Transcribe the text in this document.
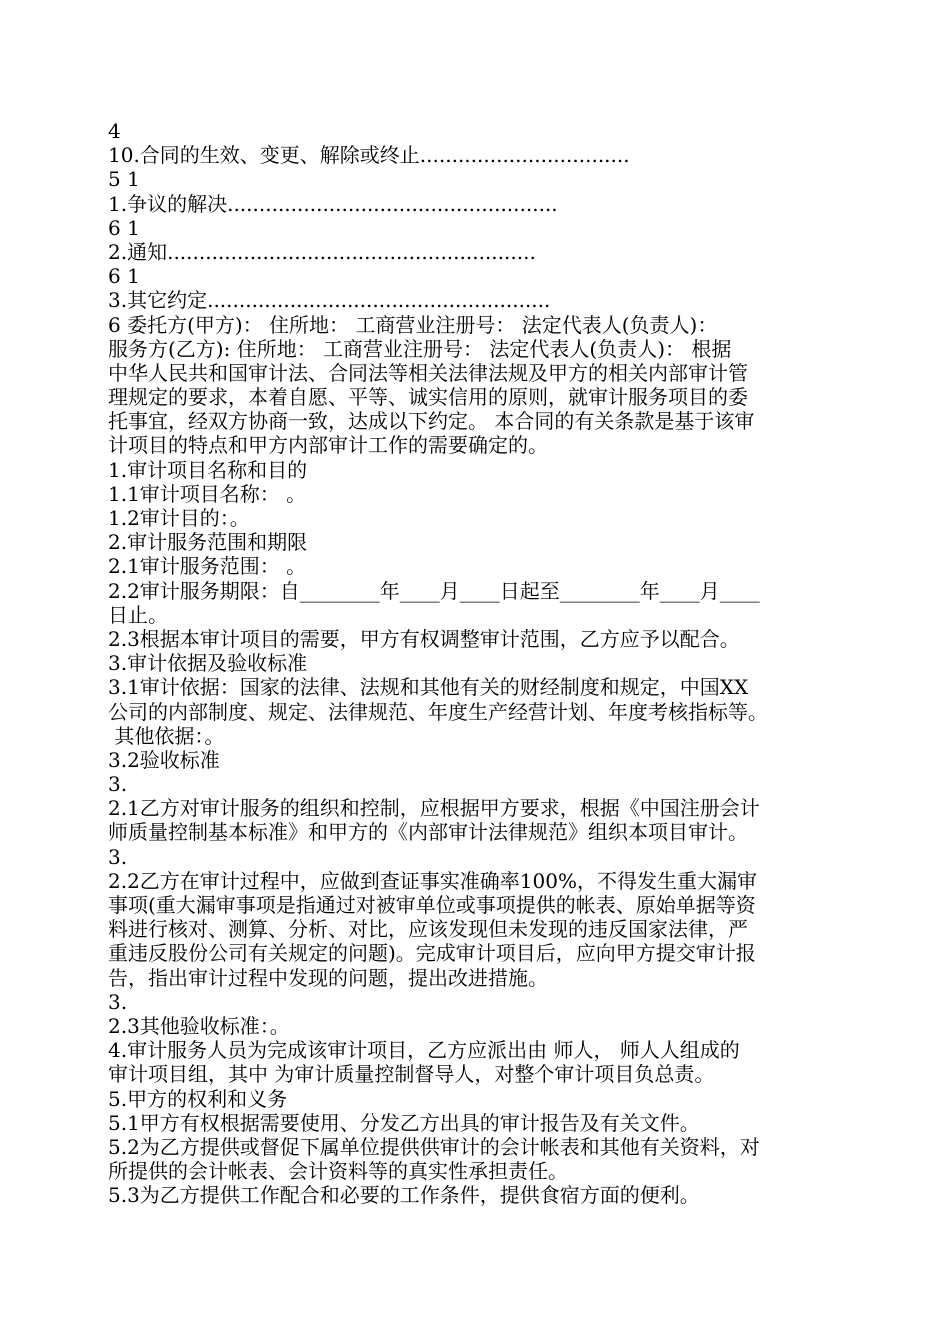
4
10.合同的生效、变更、解除或终止.................................
5 1
1.争议的解决....................................................
6 1
2.通知..........................................................
6 1
3.其它约定......................................................
6 委托方(甲方)： 住所地： 工商营业注册号： 法定代表人(负责人)：
服务方(乙方): 住所地： 工商营业注册号： 法定代表人(负责人)： 根据
中华人民共和国审计法、合同法等相关法律法规及甲方的相关内部审计管
理规定的要求，本着自愿、平等、诚实信用的原则，就审计服务项目的委
托事宜，经双方协商一致，达成以下约定。 本合同的有关条款是基于该审
计项目的特点和甲方内部审计工作的需要确定的。
1.审计项目名称和目的
1.1审计项目名称： 。
1.2审计目的：。
2.审计服务范围和期限
2.1审计服务范围： 。
2.2审计服务期限：自________年____月____日起至________年____月____
日止。
2.3根据本审计项目的需要，甲方有权调整审计范围，乙方应予以配合。
3.审计依据及验收标准
3.1审计依据：国家的法律、法规和其他有关的财经制度和规定，中国XX
公司的内部制度、规定、法律规范、年度生产经营计划、年度考核指标等。
其他依据：。
3.2验收标准
3.
2.1乙方对审计服务的组织和控制，应根据甲方要求，根据《中国注册会计
师质量控制基本标准》和甲方的《内部审计法律规范》组织本项目审计。
3.
2.2乙方在审计过程中，应做到查证事实准确率100%，不得发生重大漏审
事项(重大漏审事项是指通过对被审单位或事项提供的帐表、原始单据等资
料进行核对、测算、分析、对比，应该发现但未发现的违反国家法律，严
重违反股份公司有关规定的问题)。完成审计项目后，应向甲方提交审计报
告，指出审计过程中发现的问题，提出改进措施。
3.
2.3其他验收标准：。
4.审计服务人员为完成该审计项目，乙方应派出由 师人， 师人人组成的
审计项目组，其中 为审计质量控制督导人，对整个审计项目负总责。
5.甲方的权利和义务
5.1甲方有权根据需要使用、分发乙方出具的审计报告及有关文件。
5.2为乙方提供或督促下属单位提供供审计的会计帐表和其他有关资料，对
所提供的会计帐表、会计资料等的真实性承担责任。
5.3为乙方提供工作配合和必要的工作条件，提供食宿方面的便利。
